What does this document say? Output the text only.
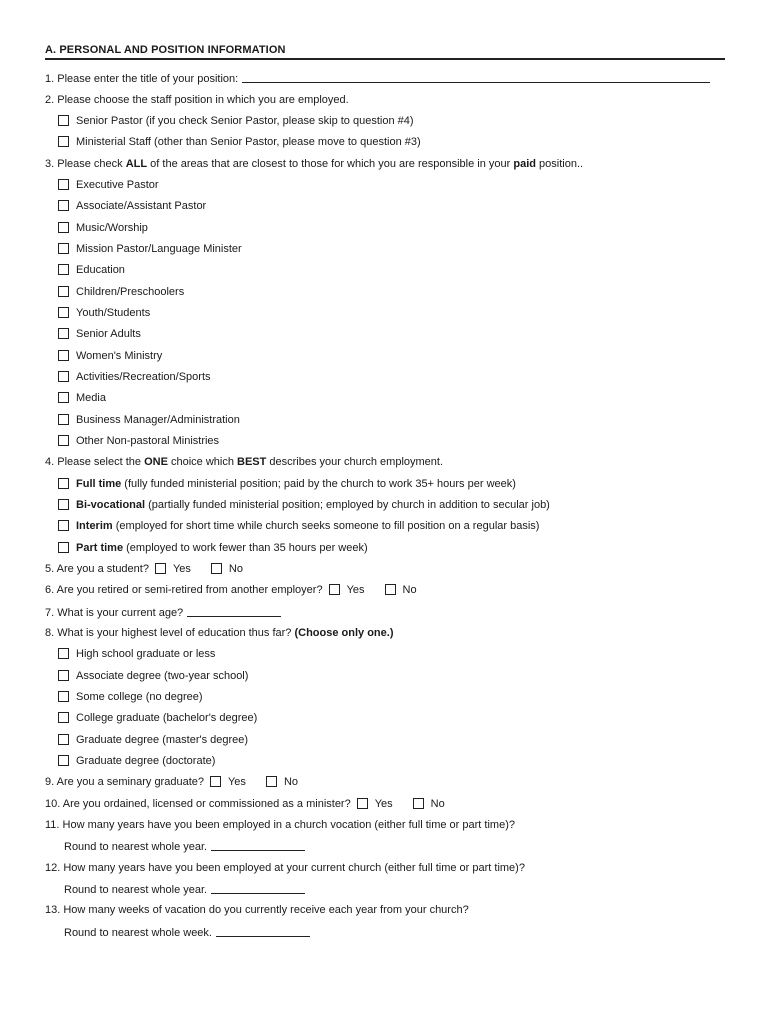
A. PERSONAL AND POSITION INFORMATION
1. Please enter the title of your position:
2. Please choose the staff position in which you are employed.
Senior Pastor (if you check Senior Pastor, please skip to question #4)
Ministerial Staff (other than Senior Pastor, please move to question #3)
3. Please check ALL of the areas that are closest to those for which you are responsible in your paid position..
Executive Pastor
Associate/Assistant Pastor
Music/Worship
Mission Pastor/Language Minister
Education
Children/Preschoolers
Youth/Students
Senior Adults
Women's Ministry
Activities/Recreation/Sports
Media
Business Manager/Administration
Other Non-pastoral Ministries
4. Please select the ONE choice which BEST describes your church employment.
Full time (fully funded ministerial position; paid by the church to work 35+ hours per week)
Bi-vocational (partially funded ministerial position; employed by church in addition to secular job)
Interim (employed for short time while church seeks someone to fill position on a regular basis)
Part time (employed to work fewer than 35 hours per week)
5. Are you a student? Yes	No
6. Are you retired or semi-retired from another employer? Yes	No
7. What is your current age?
8. What is your highest level of education thus far? (Choose only one.)
High school graduate or less
Associate degree (two-year school)
Some college (no degree)
College graduate (bachelor's degree)
Graduate degree (master's degree)
Graduate degree (doctorate)
9. Are you a seminary graduate? Yes	No
10. Are you ordained, licensed or commissioned as a minister? Yes	No
11. How many years have you been employed in a church vocation (either full time or part time)?
Round to nearest whole year.
12. How many years have you been employed at your current church (either full time or part time)?
Round to nearest whole year.
13. How many weeks of vacation do you currently receive each year from your church?
Round to nearest whole week.
